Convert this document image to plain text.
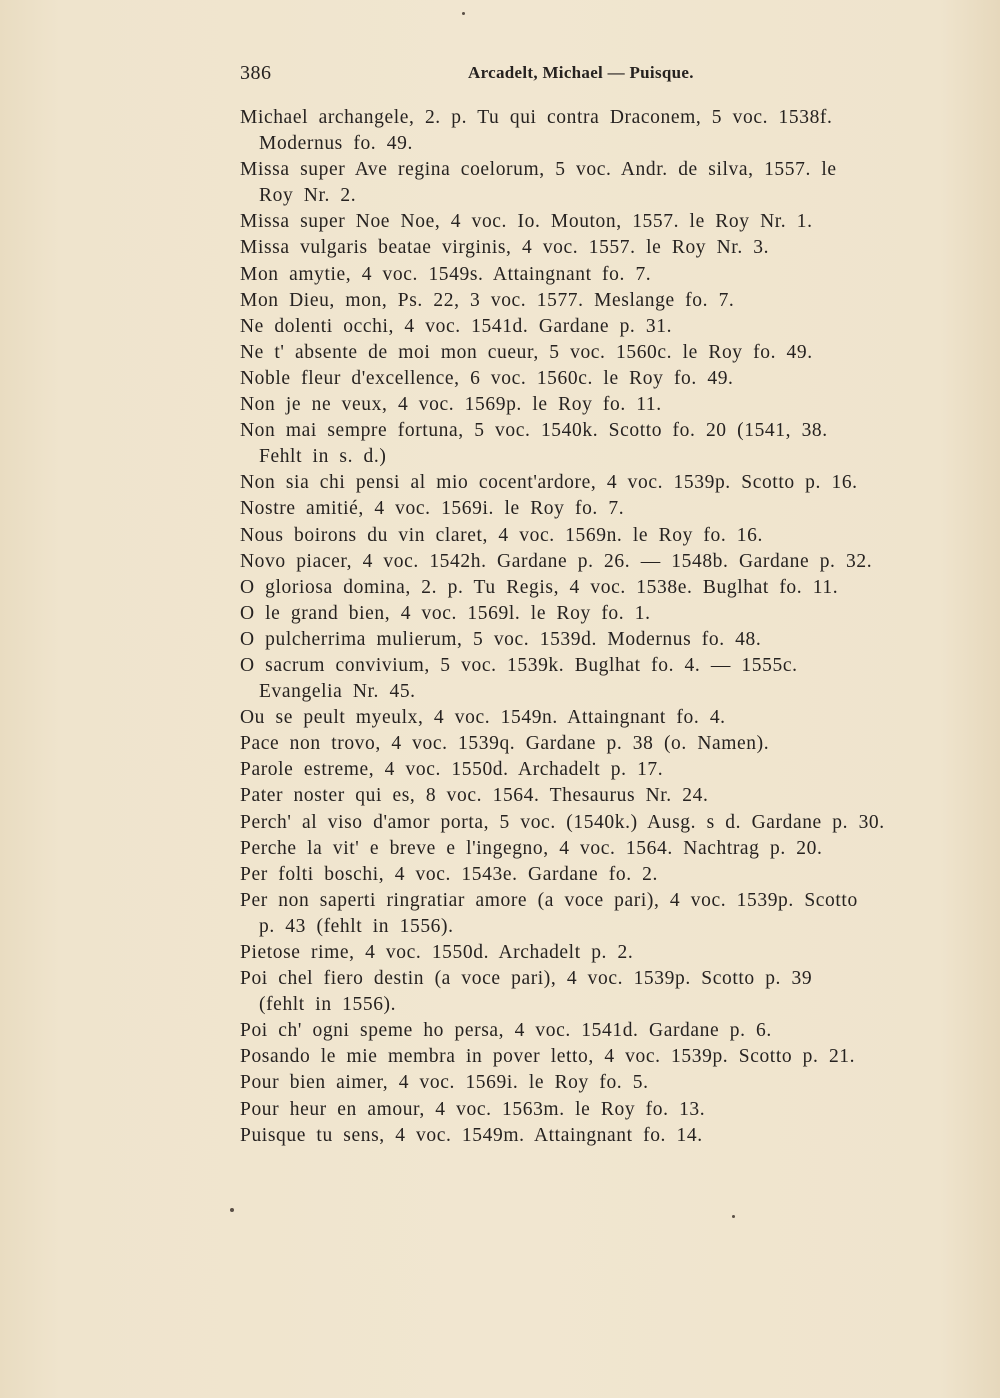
386	Arcadelt, Michael — Puisque.
Michael archangele, 2. p. Tu qui contra Draconem, 5 voc. 1538f.
Modernus fo. 49.
Missa super Ave regina coelorum, 5 voc. Andr. de silva, 1557. le
Roy Nr. 2.
Missa super Noe Noe, 4 voc. Io. Mouton, 1557. le Roy Nr. 1.
Missa vulgaris beatae virginis, 4 voc. 1557. le Roy Nr. 3.
Mon amytie, 4 voc. 1549s. Attaingnant fo. 7.
Mon Dieu, mon, Ps. 22, 3 voc. 1577. Meslange fo. 7.
Ne dolenti occhi, 4 voc. 1541d. Gardane p. 31.
Ne t' absente de moi mon cueur, 5 voc. 1560c. le Roy fo. 49.
Noble fleur d'excellence, 6 voc. 1560c. le Roy fo. 49.
Non je ne veux, 4 voc. 1569p. le Roy fo. 11.
Non mai sempre fortuna, 5 voc. 1540k. Scotto fo. 20 (1541, 38.
Fehlt in s. d.)
Non sia chi pensi al mio cocent'ardore, 4 voc. 1539p. Scotto p. 16.
Nostre amitié, 4 voc. 1569i. le Roy fo. 7.
Nous boirons du vin claret, 4 voc. 1569n. le Roy fo. 16.
Novo piacer, 4 voc. 1542h. Gardane p. 26. — 1548b. Gardane p. 32.
O gloriosa domina, 2. p. Tu Regis, 4 voc. 1538e. Buglhat fo. 11.
O le grand bien, 4 voc. 1569l. le Roy fo. 1.
O pulcherrima mulierum, 5 voc. 1539d. Modernus fo. 48.
O sacrum convivium, 5 voc. 1539k. Buglhat fo. 4. — 1555c.
Evangelia Nr. 45.
Ou se peult myeulx, 4 voc. 1549n. Attaingnant fo. 4.
Pace non trovo, 4 voc. 1539q. Gardane p. 38 (o. Namen).
Parole estreme, 4 voc. 1550d. Archadelt p. 17.
Pater noster qui es, 8 voc. 1564. Thesaurus Nr. 24.
Perch' al viso d'amor porta, 5 voc. (1540k.) Ausg. s d. Gardane p. 30.
Perche la vit' e breve e l'ingegno, 4 voc. 1564. Nachtrag p. 20.
Per folti boschi, 4 voc. 1543e. Gardane fo. 2.
Per non saperti ringratiar amore (a voce pari), 4 voc. 1539p. Scotto
p. 43 (fehlt in 1556).
Pietose rime, 4 voc. 1550d. Archadelt p. 2.
Poi chel fiero destin (a voce pari), 4 voc. 1539p. Scotto p. 39
(fehlt in 1556).
Poi ch' ogni speme ho persa, 4 voc. 1541d. Gardane p. 6.
Posando le mie membra in pover letto, 4 voc. 1539p. Scotto p. 21.
Pour bien aimer, 4 voc. 1569i. le Roy fo. 5.
Pour heur en amour, 4 voc. 1563m. le Roy fo. 13.
Puisque tu sens, 4 voc. 1549m. Attaingnant fo. 14.
